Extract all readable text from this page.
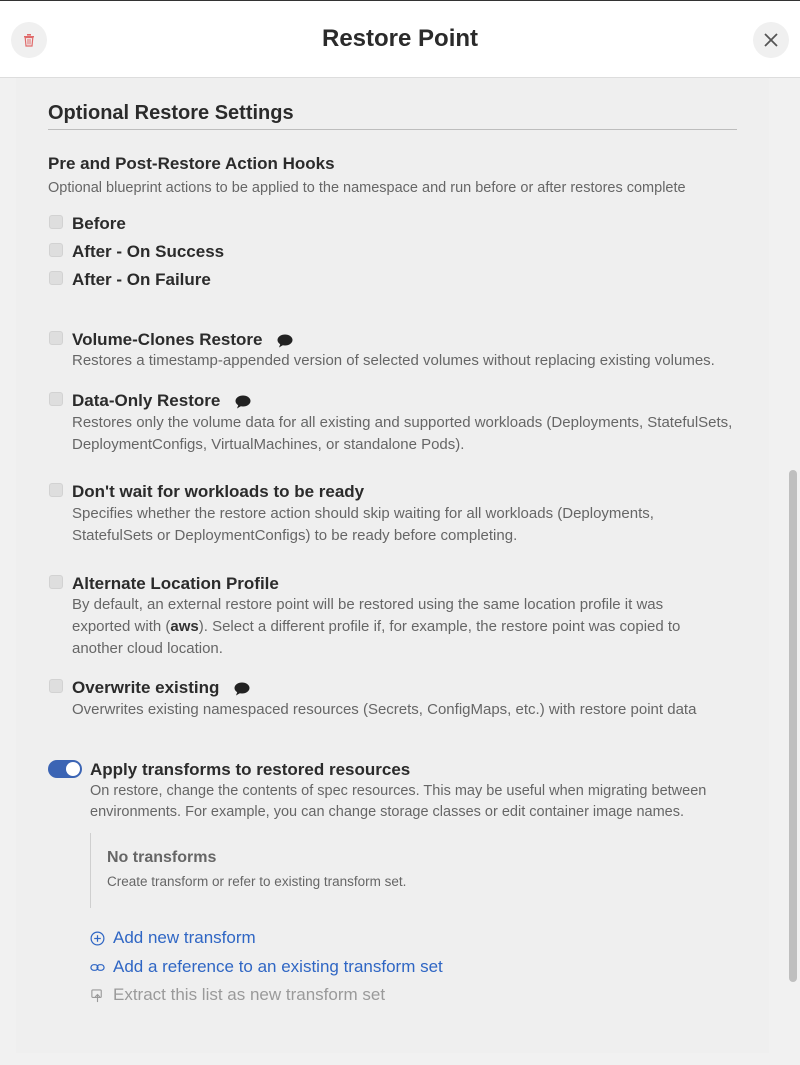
Restore Point
Optional Restore Settings
Pre and Post-Restore Action Hooks
Optional blueprint actions to be applied to the namespace and run before or after restores complete
Before
After - On Success
After - On Failure
Volume-Clones Restore
Restores a timestamp-appended version of selected volumes without replacing existing volumes.
Data-Only Restore
Restores only the volume data for all existing and supported workloads (Deployments, StatefulSets,
DeploymentConfigs, VirtualMachines, or standalone Pods).
Don't wait for workloads to be ready
Specifies whether the restore action should skip waiting for all workloads (Deployments,
StatefulSets or DeploymentConfigs) to be ready before completing.
Alternate Location Profile
By default, an external restore point will be restored using the same location profile it was
exported with (aws). Select a different profile if, for example, the restore point was copied to
another cloud location.
Overwrite existing
Overwrites existing namespaced resources (Secrets, ConfigMaps, etc.) with restore point data
Apply transforms to restored resources
On restore, change the contents of spec resources. This may be useful when migrating between
environments. For example, you can change storage classes or edit container image names.
No transforms
Create transform or refer to existing transform set.
Add new transform
Add a reference to an existing transform set
Extract this list as new transform set
